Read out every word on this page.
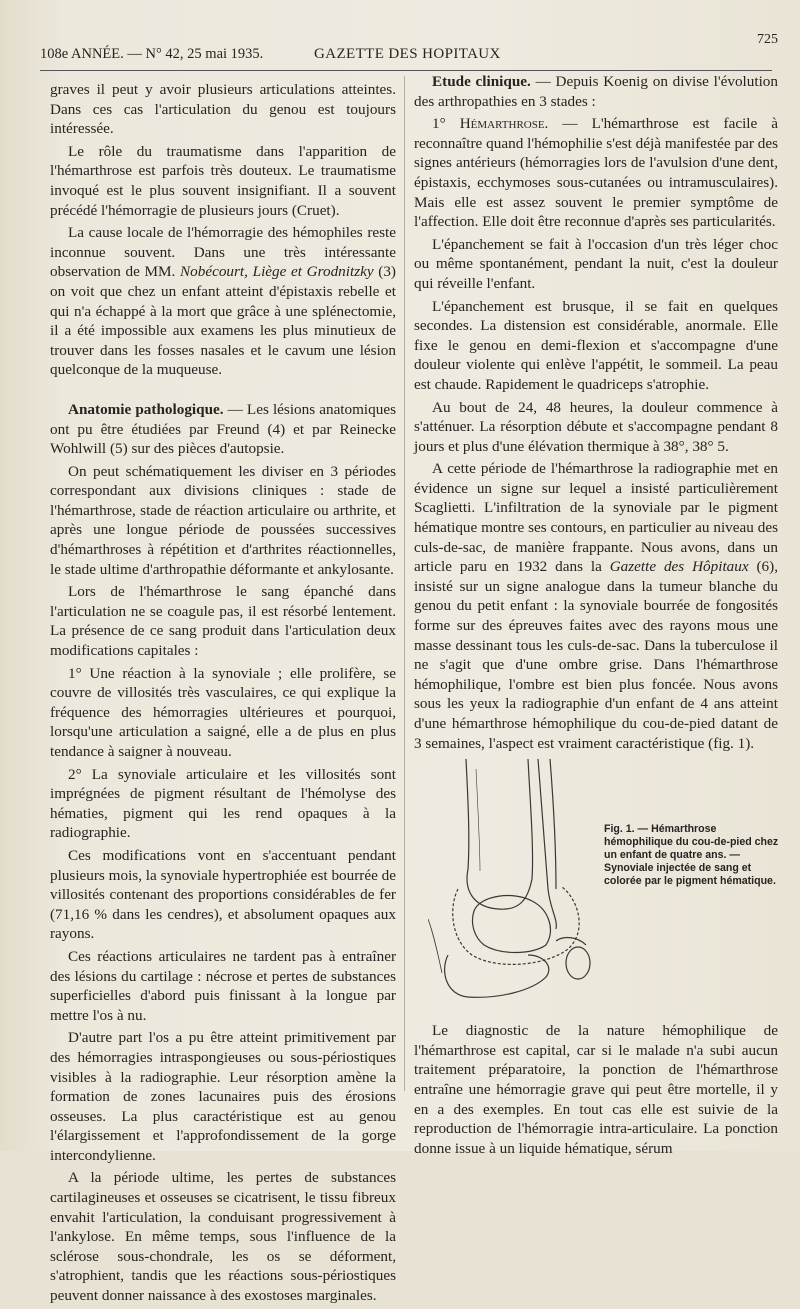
108e ANNÉE. — N° 42, 25 mai 1935.	GAZETTE DES HOPITAUX
725

graves il peut y avoir plusieurs articulations atteintes. Dans ces cas l'articulation du genou est toujours intéressée.

Le rôle du traumatisme dans l'apparition de l'hémarthrose est parfois très douteux. Le traumatisme invoqué est le plus souvent insignifiant. Il a souvent précédé l'hémorragie de plusieurs jours (Cruet).

La cause locale de l'hémorragie des hémophiles reste inconnue souvent. Dans une très intéressante observation de MM. Nobécourt, Liège et Grodnitzky (3) on voit que chez un enfant atteint d'épistaxis rebelle et qui n'a échappé à la mort que grâce à une splénectomie, il a été impossible aux examens les plus minutieux de trouver dans les fosses nasales et le cavum une lésion quelconque de la muqueuse.

Anatomie pathologique. — Les lésions anatomiques ont pu être étudiées par Freund (4) et par Reinecke Wohlwill (5) sur des pièces d'autopsie.

On peut schématiquement les diviser en 3 périodes correspondant aux divisions cliniques : stade de l'hémarthrose, stade de réaction articulaire ou arthrite, et après une longue période de poussées successives d'hémarthroses à répétition et d'arthrites réactionnelles, le stade ultime d'arthropathie déformante et ankylosante.

Lors de l'hémarthrose le sang épanché dans l'articulation ne se coagule pas, il est résorbé lentement. La présence de ce sang produit dans l'articulation deux modifications capitales :

1° Une réaction à la synoviale ; elle prolifère, se couvre de villosités très vasculaires, ce qui explique la fréquence des hémorragies ultérieures et pourquoi, lorsqu'une articulation a saigné, elle a de plus en plus tendance à saigner à nouveau.

2° La synoviale articulaire et les villosités sont imprégnées de pigment résultant de l'hémolyse des hématies, pigment qui les rend opaques à la radiographie.

Ces modifications vont en s'accentuant pendant plusieurs mois, la synoviale hypertrophiée est bourrée de villosités contenant des proportions considérables de fer (71,16 % dans les cendres), et absolument opaques aux rayons.

Ces réactions articulaires ne tardent pas à entraîner des lésions du cartilage : nécrose et pertes de substances superficielles d'abord puis finissant à la longue par mettre l'os à nu.

D'autre part l'os a pu être atteint primitivement par des hémorragies intraspongieuses ou sous-périostiques visibles à la radiographie. Leur résorption amène la formation de zones lacunaires puis des érosions osseuses. La plus caractéristique est au genou l'élargissement et l'approfondissement de la gorge intercondylienne.

A la période ultime, les pertes de substances cartilagineuses et osseuses se cicatrisent, le tissu fibreux envahit l'articulation, la conduisant progressivement à l'ankylose. En même temps, sous l'influence de la sclérose sous-chondrale, les os se déforment, s'atrophient, tandis que les réactions sous-périostiques peuvent donner naissance à des exostoses marginales.

Etude clinique. — Depuis Koenig on divise l'évolution des arthropathies en 3 stades :

1° Hémarthrose. — L'hémarthrose est facile à reconnaître quand l'hémophilie s'est déjà manifestée par des signes antérieurs (hémorragies lors de l'avulsion d'une dent, épistaxis, ecchymoses sous-cutanées ou intramusculaires). Mais elle est assez souvent le premier symptôme de l'affection. Elle doit être reconnue d'après ses particularités.

L'épanchement se fait à l'occasion d'un très léger choc ou même spontanément, pendant la nuit, c'est la douleur qui réveille l'enfant.

L'épanchement est brusque, il se fait en quelques secondes. La distension est considérable, anormale. Elle fixe le genou en demi-flexion et s'accompagne d'une douleur violente qui enlève l'appétit, le sommeil. La peau est chaude. Rapidement le quadriceps s'atrophie.

Au bout de 24, 48 heures, la douleur commence à s'atténuer. La résorption débute et s'accompagne pendant 8 jours et plus d'une élévation thermique à 38°, 38° 5.

A cette période de l'hémarthrose la radiographie met en évidence un signe sur lequel a insisté particulièrement Scaglietti. L'infiltration de la synoviale par le pigment hématique montre ses contours, en particulier au niveau des culs-de-sac, de manière frappante. Nous avons, dans un article paru en 1932 dans la Gazette des Hôpitaux (6), insisté sur un signe analogue dans la tumeur blanche du genou du petit enfant : la synoviale bourrée de fongosités forme sur des épreuves faites avec des rayons mous une masse dessinant tous les culs-de-sac. Dans la tuberculose il ne s'agit que d'une ombre grise. Dans l'hémarthrose hémophilique, l'ombre est bien plus foncée. Nous avons sous les yeux la radiographie d'un enfant de 4 ans atteint d'une hémarthrose hémophilique du cou-de-pied datant de 3 semaines, l'aspect est vraiment caractéristique (fig. 1).

Fig. 1. — Hémarthrose hémophilique du cou-de-pied chez un enfant de quatre ans. — Synoviale injectée de sang et colorée par le pigment hématique.

Le diagnostic de la nature hémophilique de l'hémarthrose est capital, car si le malade n'a subi aucun traitement préparatoire, la ponction de l'hémarthrose entraîne une hémorragie grave qui peut être mortelle, il y en a des exemples. En tout cas elle est suivie de la reproduction de l'hémorragie intra-articulaire. La ponction donne issue à un liquide hématique, sérum
